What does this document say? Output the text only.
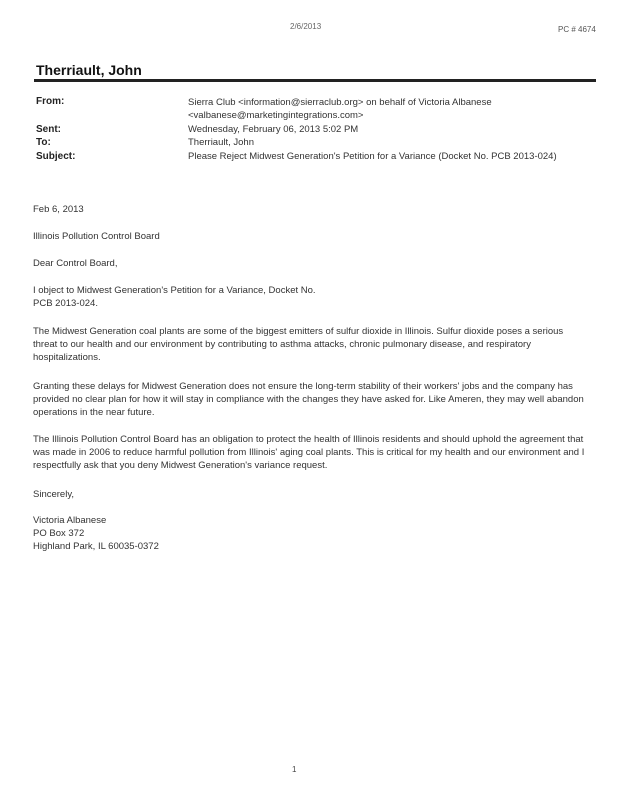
2/6/2013	PC # 4674
Therriault, John
From:	Sierra Club <information@sierraclub.org> on behalf of Victoria Albanese
<valbanese@marketingintegrations.com>
Sent:	Wednesday, February 06, 2013 5:02 PM
To:	Therriault, John
Subject:	Please Reject Midwest Generation's Petition for a Variance (Docket No. PCB 2013-024)
Feb 6, 2013
Illinois Pollution Control Board
Dear Control Board,
I object to Midwest Generation's Petition for a Variance, Docket No.
PCB 2013-024.
The Midwest Generation coal plants are some of the biggest emitters of sulfur dioxide in Illinois. Sulfur dioxide poses a serious threat to our health and our environment by contributing to asthma attacks, chronic pulmonary disease, and respiratory hospitalizations.
Granting these delays for Midwest Generation does not ensure the long-term stability of their workers' jobs and the company has provided no clear plan for how it will stay in compliance with the changes they have asked for. Like Ameren, they may well abandon operations in the near future.
The Illinois Pollution Control Board has an obligation to protect the health of Illinois residents and should uphold the agreement that was made in 2006 to reduce harmful pollution from Illinois' aging coal plants. This is critical for my health and our environment and I respectfully ask that you deny Midwest Generation's variance request.
Sincerely,
Victoria Albanese
PO Box 372
Highland Park, IL 60035-0372
1
